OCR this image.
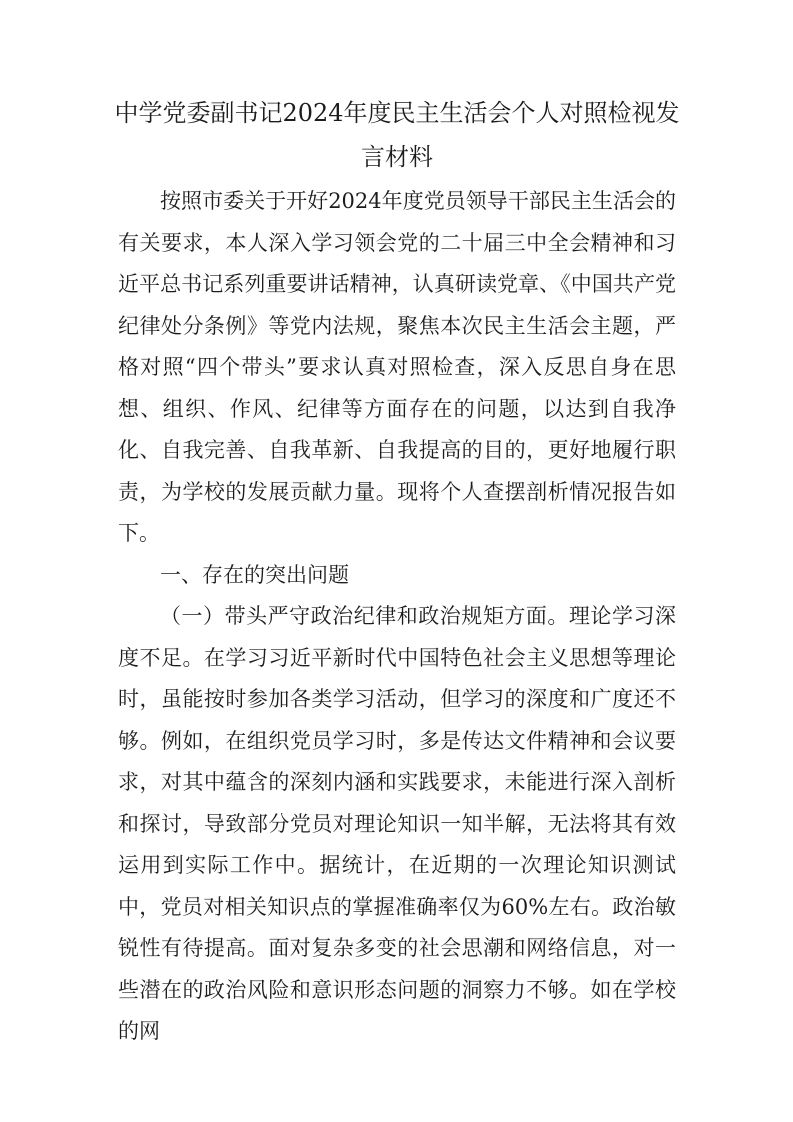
中学党委副书记2024年度民主生活会个人对照检视发言材料

按照市委关于开好2024年度党员领导干部民主生活会的有关要求，本人深入学习领会党的二十届三中全会精神和习近平总书记系列重要讲话精神，认真研读党章、《中国共产党纪律处分条例》等党内法规，聚焦本次民主生活会主题，严格对照“四个带头”要求认真对照检查，深入反思自身在思想、组织、作风、纪律等方面存在的问题，以达到自我净化、自我完善、自我革新、自我提高的目的，更好地履行职责，为学校的发展贡献力量。现将个人查摆剖析情况报告如下。

一、存在的突出问题

（一）带头严守政治纪律和政治规矩方面。理论学习深度不足。在学习习近平新时代中国特色社会主义思想等理论时，虽能按时参加各类学习活动，但学习的深度和广度还不够。例如，在组织党员学习时，多是传达文件精神和会议要求，对其中蕴含的深刻内涵和实践要求，未能进行深入剖析和探讨，导致部分党员对理论知识一知半解，无法将其有效运用到实际工作中。据统计，在近期的一次理论知识测试中，党员对相关知识点的掌握准确率仅为60%左右。政治敏锐性有待提高。面对复杂多变的社会思潮和网络信息，对一些潜在的政治风险和意识形态问题的洞察力不够。如在学校的网
